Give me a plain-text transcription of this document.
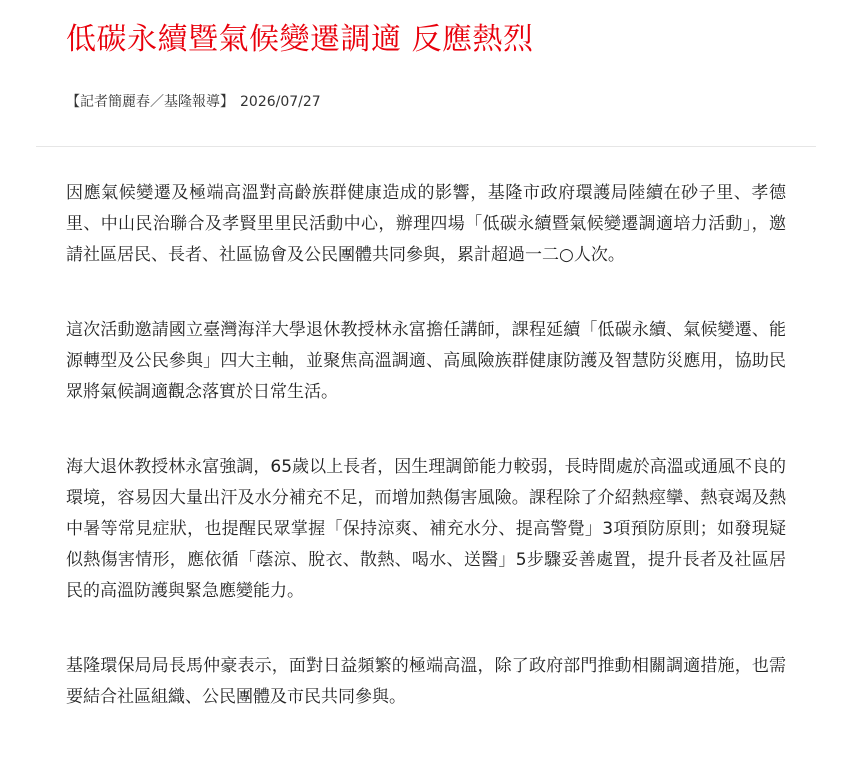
低碳永續暨氣候變遷調適 反應熱烈
【記者簡麗春／基隆報導】 2026/07/27

因應氣候變遷及極端高溫對高齡族群健康造成的影響，基隆市政府環護局陸續在砂子里、孝德里、中山民治聯合及孝賢里里民活動中心，辦理四場「低碳永續暨氣候變遷調適培力活動」，邀請社區居民、長者、社區協會及公民團體共同參與，累計超過一二○人次。

這次活動邀請國立臺灣海洋大學退休教授林永富擔任講師，課程延續「低碳永續、氣候變遷、能源轉型及公民參與」四大主軸，並聚焦高溫調適、高風險族群健康防護及智慧防災應用，協助民眾將氣候調適觀念落實於日常生活。

海大退休教授林永富強調，65歲以上長者，因生理調節能力較弱，長時間處於高溫或通風不良的環境，容易因大量出汗及水分補充不足，而增加熱傷害風險。課程除了介紹熱痙攣、熱衰竭及熱中暑等常見症狀，也提醒民眾掌握「保持涼爽、補充水分、提高警覺」3項預防原則；如發現疑似熱傷害情形，應依循「蔭涼、脫衣、散熱、喝水、送醫」5步驟妥善處置，提升長者及社區居民的高溫防護與緊急應變能力。

基隆環保局局長馬仲豪表示，面對日益頻繁的極端高溫，除了政府部門推動相關調適措施，也需要結合社區組織、公民團體及市民共同參與。
